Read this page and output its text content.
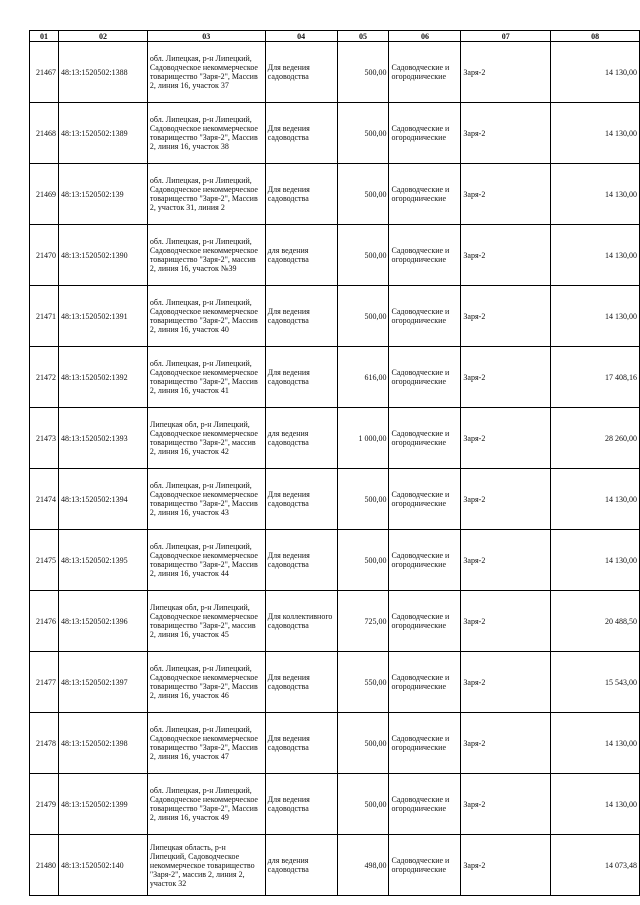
01	02	03	04	05	06	07	08
21467	48:13:1520502:1388	обл. Липецкая, р-н Липецкий, Садоводческое некоммерческое товарищество "Заря-2", Массив 2, линия 16, участок 37	Для ведения садоводства	500,00	Садоводческие и огороднические	Заря-2	14 130,00
21468	48:13:1520502:1389	обл. Липецкая, р-н Липецкий, Садоводческое некоммерческое товарищество "Заря-2", Массив 2, линия 16, участок 38	Для ведения садоводства	500,00	Садоводческие и огороднические	Заря-2	14 130,00
21469	48:13:1520502:139	обл. Липецкая, р-н Липецкий, Садоводческое некоммерческое товарищество "Заря-2", Массив 2, участок 31, линия 2	Для ведения садоводства	500,00	Садоводческие и огороднические	Заря-2	14 130,00
21470	48:13:1520502:1390	обл. Липецкая, р-н Липецкий, Садоводческое некоммерческое товарищество "Заря-2", массив 2, линия 16, участок №39	для ведения садоводства	500,00	Садоводческие и огороднические	Заря-2	14 130,00
21471	48:13:1520502:1391	обл. Липецкая, р-н Липецкий, Садоводческое некоммерческое товарищество "Заря-2", Массив 2, линия 16, участок 40	Для ведения садоводства	500,00	Садоводческие и огороднические	Заря-2	14 130,00
21472	48:13:1520502:1392	обл. Липецкая, р-н Липецкий, Садоводческое некоммерческое товарищество "Заря-2", Массив 2, линия 16, участок 41	Для ведения садоводства	616,00	Садоводческие и огороднические	Заря-2	17 408,16
21473	48:13:1520502:1393	Липецкая обл, р-н Липецкий, Садоводческое некоммерческое товарищество "Заря-2", массив 2, линия 16, участок 42	для ведения садоводства	1 000,00	Садоводческие и огороднические	Заря-2	28 260,00
21474	48:13:1520502:1394	обл. Липецкая, р-н Липецкий, Садоводческое некоммерческое товарищество "Заря-2", Массив 2, линия 16, участок 43	Для ведения садоводства	500,00	Садоводческие и огороднические	Заря-2	14 130,00
21475	48:13:1520502:1395	обл. Липецкая, р-н Липецкий, Садоводческое некоммерческое товарищество "Заря-2", Массив 2, линия 16, участок 44	Для ведения садоводства	500,00	Садоводческие и огороднические	Заря-2	14 130,00
21476	48:13:1520502:1396	Липецкая обл, р-н Липецкий, Садоводческое некоммерческое товарищество "Заря-2", массив 2, линия 16, участок 45	Для коллективного садоводства	725,00	Садоводческие и огороднические	Заря-2	20 488,50
21477	48:13:1520502:1397	обл. Липецкая, р-н Липецкий, Садоводческое некоммерческое товарищество "Заря-2", Массив 2, линия 16, участок 46	Для ведения садоводства	550,00	Садоводческие и огороднические	Заря-2	15 543,00
21478	48:13:1520502:1398	обл. Липецкая, р-н Липецкий, Садоводческое некоммерческое товарищество "Заря-2", Массив 2, линия 16, участок 47	Для ведения садоводства	500,00	Садоводческие и огороднические	Заря-2	14 130,00
21479	48:13:1520502:1399	обл. Липецкая, р-н Липецкий, Садоводческое некоммерческое товарищество "Заря-2", Массив 2, линия 16, участок 49	Для ведения садоводства	500,00	Садоводческие и огороднические	Заря-2	14 130,00
21480	48:13:1520502:140	Липецкая область, р-н Липецкий, Садоводческое некоммерческое товарищество "Заря-2", массив 2, линия 2, участок 32	для ведения садоводства	498,00	Садоводческие и огороднические	Заря-2	14 073,48
